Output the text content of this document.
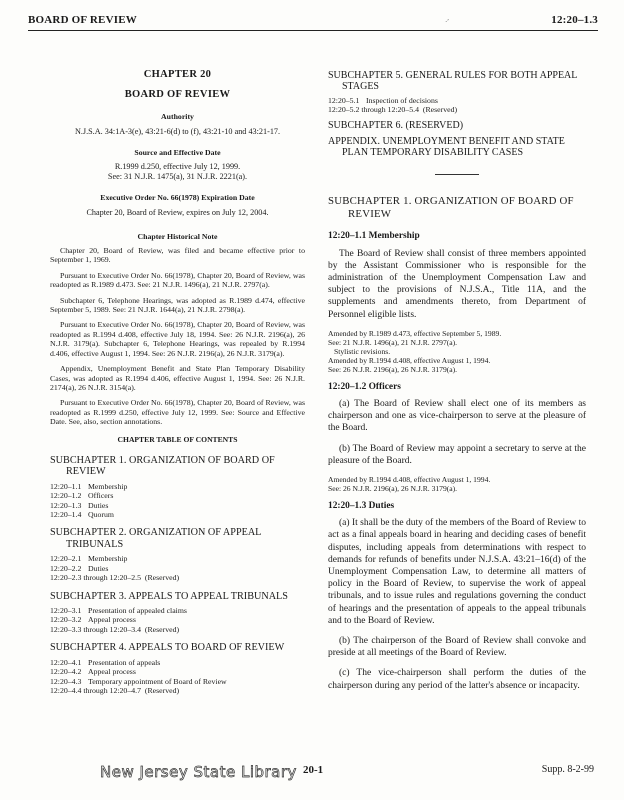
BOARD OF REVIEW	12:20–1.3
·′
CHAPTER 20
BOARD OF REVIEW
Authority
N.J.S.A. 34:1A-3(e), 43:21-6(d) to (f), 43:21-10 and 43:21-17.
Source and Effective Date
R.1999 d.250, effective July 12, 1999.
See: 31 N.J.R. 1475(a), 31 N.J.R. 2221(a).
Executive Order No. 66(1978) Expiration Date
Chapter 20, Board of Review, expires on July 12, 2004.
Chapter Historical Note

Chapter 20, Board of Review, was filed and became effective prior to September 1, 1969.

Pursuant to Executive Order No. 66(1978), Chapter 20, Board of Review, was readopted as R.1989 d.473. See: 21 N.J.R. 1496(a), 21 N.J.R. 2797(a).

Subchapter 6, Telephone Hearings, was adopted as R.1989 d.474, effective September 5, 1989. See: 21 N.J.R. 1644(a), 21 N.J.R. 2798(a).

Pursuant to Executive Order No. 66(1978), Chapter 20, Board of Review, was readopted as R.1994 d.408, effective July 18, 1994. See: 26 N.J.R. 2196(a), 26 N.J.R. 3179(a). Subchapter 6, Telephone Hearings, was repealed by R.1994 d.406, effective August 1, 1994. See: 26 N.J.R. 2196(a), 26 N.J.R. 3179(a).

Appendix, Unemployment Benefit and State Plan Temporary Disability Cases, was adopted as R.1994 d.406, effective August 1, 1994. See: 26 N.J.R. 2174(a), 26 N.J.R. 3154(a).

Pursuant to Executive Order No. 66(1978), Chapter 20, Board of Review, was readopted as R.1999 d.250, effective July 12, 1999. See: Source and Effective Date. See, also, section annotations.

CHAPTER TABLE OF CONTENTS
SUBCHAPTER 1. ORGANIZATION OF BOARD OF REVIEW
12:20–1.1 Membership
12:20–1.2 Officers
12:20–1.3 Duties
12:20–1.4 Quorum
SUBCHAPTER 2. ORGANIZATION OF APPEAL TRIBUNALS
12:20–2.1 Membership
12:20–2.2 Duties
12:20–2.3 through 12:20–2.5
(Reserved)
SUBCHAPTER 3. APPEALS TO APPEAL TRIBUNALS
12:20–3.1 Presentation of appealed claims
12:20–3.2 Appeal process
12:20–3.3 through 12:20–3.4
(Reserved)
SUBCHAPTER 4. APPEALS TO BOARD OF REVIEW
12:20–4.1 Presentation of appeals
12:20–4.2 Appeal process
12:20–4.3 Temporary appointment of Board of Review
12:20–4.4 through 12:20–4.7
(Reserved)
SUBCHAPTER 5. GENERAL RULES FOR BOTH APPEAL STAGES
12:20–5.1 Inspection of decisions
12:20–5.2 through 12:20–5.4
(Reserved)
SUBCHAPTER 6. (RESERVED)
APPENDIX. UNEMPLOYMENT BENEFIT AND STATE PLAN TEMPORARY DISABILITY CASES
SUBCHAPTER 1. ORGANIZATION OF BOARD OF REVIEW
12:20–1.1 Membership

The Board of Review shall consist of three members appointed by the Assistant Commissioner who is responsible for the administration of the Unemployment Compensation Law and subject to the provisions of N.J.S.A., Title 11A, and the supplements and amendments thereto, from Department of Personnel eligible lists.

Amended by R.1989 d.473, effective September 5, 1989.
See: 21 N.J.R. 1496(a), 21 N.J.R. 2797(a).
Stylistic revisions.
Amended by R.1994 d.408, effective August 1, 1994.
See: 26 N.J.R. 2196(a), 26 N.J.R. 3179(a).
12:20–1.2 Officers

(a) The Board of Review shall elect one of its members as chairperson and one as vice-chairperson to serve at the pleasure of the Board.

(b) The Board of Review may appoint a secretary to serve at the pleasure of the Board.

Amended by R.1994 d.408, effective August 1, 1994.
See: 26 N.J.R. 2196(a), 26 N.J.R. 3179(a).
12:20–1.3 Duties

(a) It shall be the duty of the members of the Board of Review to act as a final appeals board in hearing and deciding cases of benefit disputes, including appeals from determinations with respect to demands for refunds of benefits under N.J.S.A. 43:21–16(d) of the Unemployment Compensation Law, to determine all matters of policy in the Board of Review, to supervise the work of appeal tribunals, and to issue rules and regulations governing the conduct of hearings and the presentation of appeals to the appeal tribunals and to the Board of Review.

(b) The chairperson of the Board of Review shall convoke and preside at all meetings of the Board of Review.

(c) The vice-chairperson shall perform the duties of the chairperson during any period of the latter's absence or incapacity.

New Jersey State Library 20-1	Supp. 8-2-99
